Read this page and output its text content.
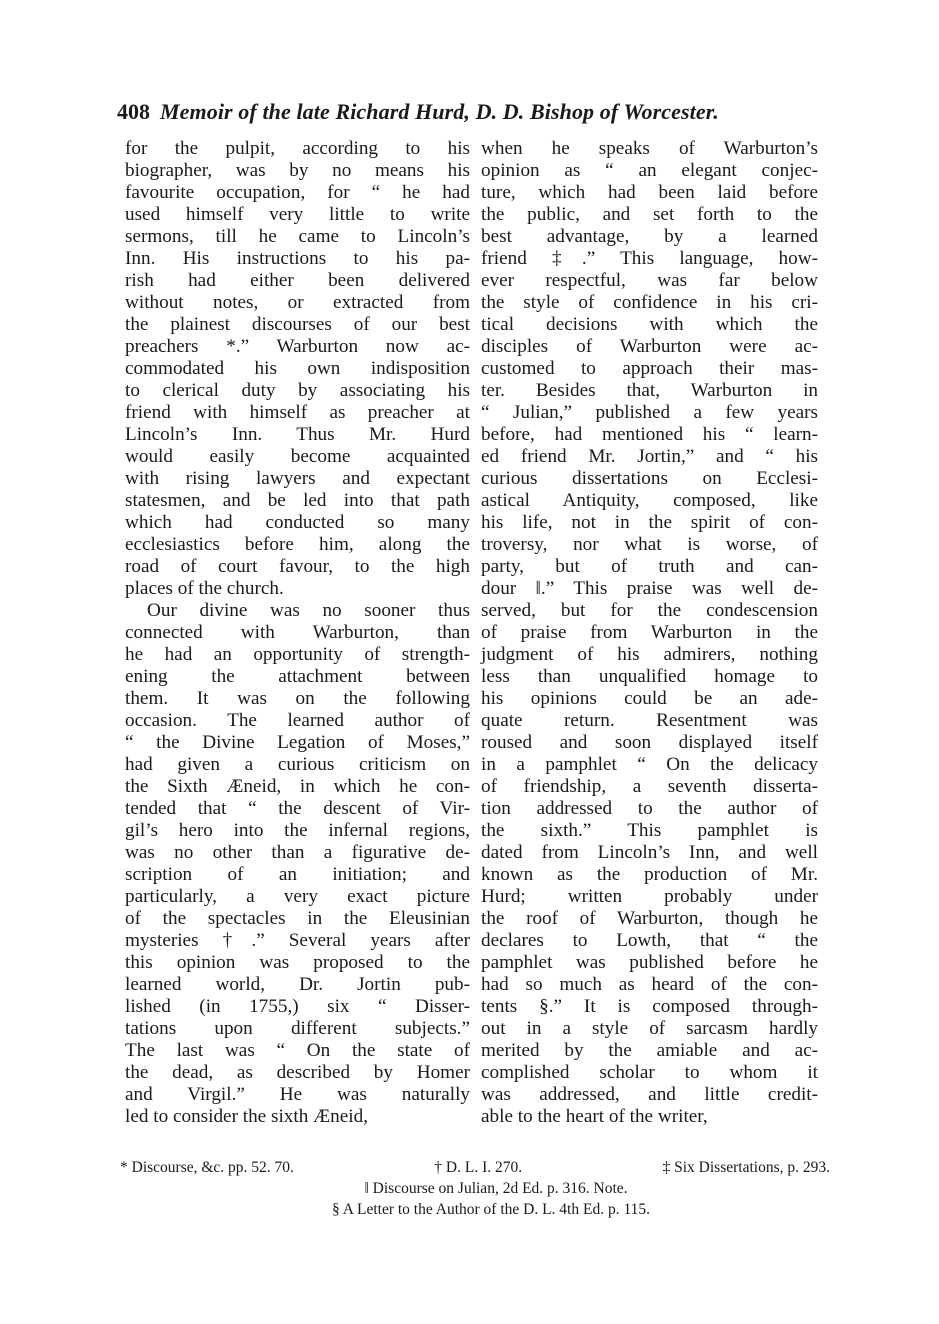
408 Memoir of the late Richard Hurd, D. D. Bishop of Worcester.
for the pulpit, according to his
biographer, was by no means his
favourite occupation, for “ he had
used himself very little to write
sermons, till he came to Lincoln’s
Inn. His instructions to his pa-
rish had either been delivered
without notes, or extracted from
the plainest discourses of our best
preachers *.” Warburton now ac-
commodated his own indisposition
to clerical duty by associating his
friend with himself as preacher at
Lincoln’s Inn. Thus Mr. Hurd
would easily become acquainted
with rising lawyers and expectant
statesmen, and be led into that path
which had conducted so many
ecclesiastics before him, along the
road of court favour, to the high
places of the church.
Our divine was no sooner thus
connected with Warburton, than
he had an opportunity of strength-
ening the attachment between
them. It was on the following
occasion. The learned author of
“ the Divine Legation of Moses,”
had given a curious criticism on
the Sixth Æneid, in which he con-
tended that “ the descent of Vir-
gil’s hero into the infernal regions,
was no other than a figurative de-
scription of an initiation; and
particularly, a very exact picture
of the spectacles in the Eleusinian
mysteries †.” Several years after
this opinion was proposed to the
learned world, Dr. Jortin pub-
lished (in 1755,) six “ Disser-
tations upon different subjects.”
The last was “ On the state of
the dead, as described by Homer
and Virgil.” He was naturally
led to consider the sixth Æneid,
when he speaks of Warburton’s
opinion as “ an elegant conjec-
ture, which had been laid before
the public, and set forth to the
best advantage, by a learned
friend ‡.” This language, how-
ever respectful, was far below
the style of confidence in his cri-
tical decisions with which the
disciples of Warburton were ac-
customed to approach their mas-
ter. Besides that, Warburton in
“ Julian,” published a few years
before, had mentioned his “ learn-
ed friend Mr. Jortin,” and “ his
curious dissertations on Ecclesi-
astical Antiquity, composed, like
his life, not in the spirit of con-
troversy, nor what is worse, of
party, but of truth and can-
dour ‖.” This praise was well de-
served, but for the condescension
of praise from Warburton in the
judgment of his admirers, nothing
less than unqualified homage to
his opinions could be an ade-
quate return. Resentment was
roused and soon displayed itself
in a pamphlet “ On the delicacy
of friendship, a seventh disserta-
tion addressed to the author of
the sixth.” This pamphlet is
dated from Lincoln’s Inn, and well
known as the production of Mr.
Hurd; written probably under
the roof of Warburton, though he
declares to Lowth, that “ the
pamphlet was published before he
had so much as heard of the con-
tents §.” It is composed through-
out in a style of sarcasm hardly
merited by the amiable and ac-
complished scholar to whom it
was addressed, and little credit-
able to the heart of the writer,
* Discourse, &c. pp. 52. 70.	† D. L. I. 270.	‡ Six Dissertations, p. 293.
‖ Discourse on Julian, 2d Ed. p. 316. Note.
§ A Letter to the Author of the D. L. 4th Ed. p. 115.
